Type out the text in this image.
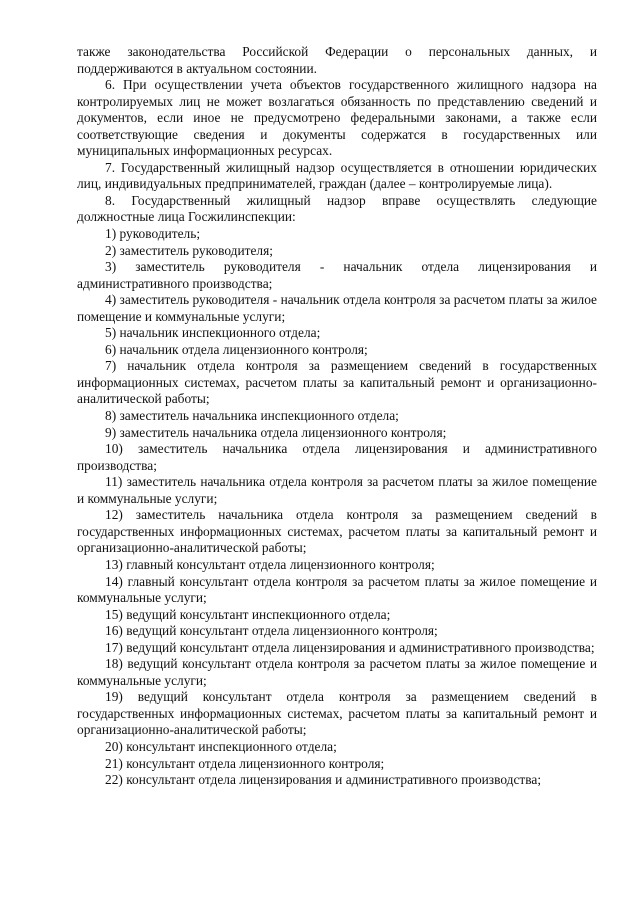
также законодательства Российской Федерации о персональных данных, и поддерживаются в актуальном состоянии.

6. При осуществлении учета объектов государственного жилищного надзора на контролируемых лиц не может возлагаться обязанность по представлению сведений и документов, если иное не предусмотрено федеральными законами, а также если соответствующие сведения и документы содержатся в государственных или муниципальных информационных ресурсах.

7. Государственный жилищный надзор осуществляется в отношении юридических лиц, индивидуальных предпринимателей, граждан (далее – контролируемые лица).

8. Государственный жилищный надзор вправе осуществлять следующие должностные лица Госжилинспекции:

1) руководитель;

2) заместитель руководителя;

3) заместитель руководителя - начальник отдела лицензирования и административного производства;

4) заместитель руководителя - начальник отдела контроля за расчетом платы за жилое помещение и коммунальные услуги;

5) начальник инспекционного отдела;

6) начальник отдела лицензионного контроля;

7) начальник отдела контроля за размещением сведений в государственных информационных системах, расчетом платы за капитальный ремонт и организационно-аналитической работы;

8) заместитель начальника инспекционного отдела;

9) заместитель начальника отдела лицензионного контроля;

10) заместитель начальника отдела лицензирования и административного производства;

11) заместитель начальника отдела контроля за расчетом платы за жилое помещение и коммунальные услуги;

12) заместитель начальника отдела контроля за размещением сведений в государственных информационных системах, расчетом платы за капитальный ремонт и организационно-аналитической работы;

13) главный консультант отдела лицензионного контроля;

14) главный консультант отдела контроля за расчетом платы за жилое помещение и коммунальные услуги;

15) ведущий консультант инспекционного отдела;

16) ведущий консультант отдела лицензионного контроля;

17) ведущий консультант отдела лицензирования и административного производства;

18) ведущий консультант отдела контроля за расчетом платы за жилое помещение и коммунальные услуги;

19) ведущий консультант отдела контроля за размещением сведений в государственных информационных системах, расчетом платы за капитальный ремонт и организационно-аналитической работы;

20) консультант инспекционного отдела;

21) консультант отдела лицензионного контроля;

22) консультант отдела лицензирования и административного производства;
